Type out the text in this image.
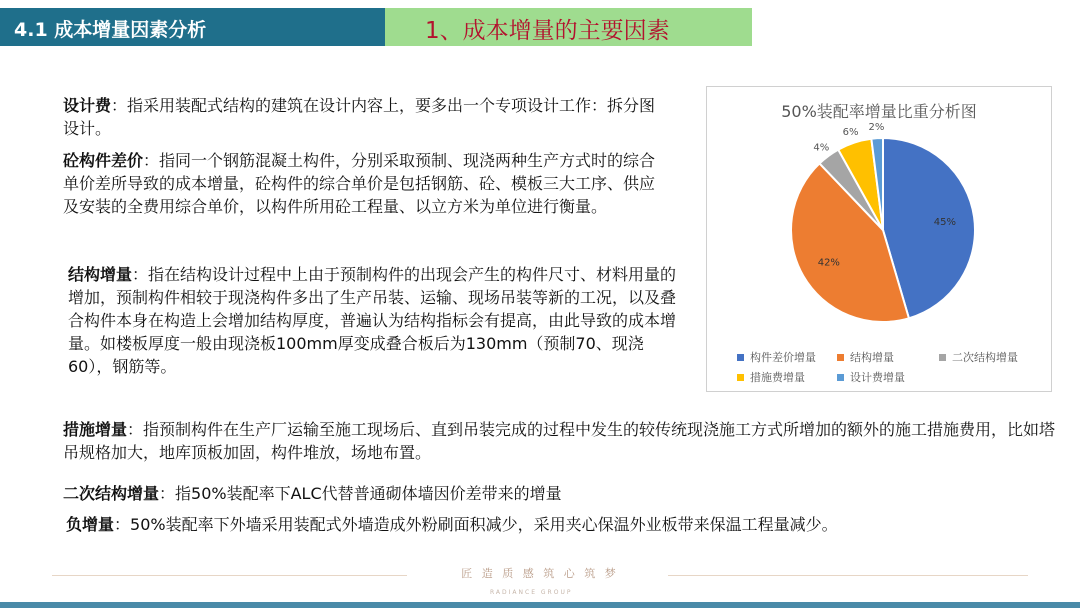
4.1 成本增量因素分析	1、成本增量的主要因素
设计费：指采用装配式结构的建筑在设计内容上，要多出一个专项设计工作：拆分图设计。
砼构件差价：指同一个钢筋混凝土构件，分别采取预制、现浇两种生产方式时的综合单价差所导致的成本增量，砼构件的综合单价是包括钢筋、砼、模板三大工序、供应及安装的全费用综合单价，以构件所用砼工程量、以立方米为单位进行衡量。
结构增量：指在结构设计过程中上由于预制构件的出现会产生的构件尺寸、材料用量的增加，预制构件相较于现浇构件多出了生产吊装、运输、现场吊装等新的工况，以及叠合构件本身在构造上会增加结构厚度，普遍认为结构指标会有提高，由此导致的成本增量。如楼板厚度一般由现浇板100mm厚变成叠合板后为130mm（预制70、现浇60），钢筋等。
措施增量：指预制构件在生产厂运输至施工现场后、直到吊装完成的过程中发生的较传统现浇施工方式所增加的额外的施工措施费用，比如塔吊规格加大，地库顶板加固，构件堆放，场地布置。
二次结构增量：指50%装配率下ALC代替普通砌体墙因价差带来的增量
负增量：50%装配率下外墙采用装配式外墙造成外粉刷面积减少，采用夹心保温外业板带来保温工程量减少。
50%装配率增量比重分析图
45%
42%
4%
6% 2%
构件差价增量	结构增量	二次结构增量
措施费增量	设计费增量
匠 造 质 感 筑 心 筑 梦
RADIANCE GROUP
